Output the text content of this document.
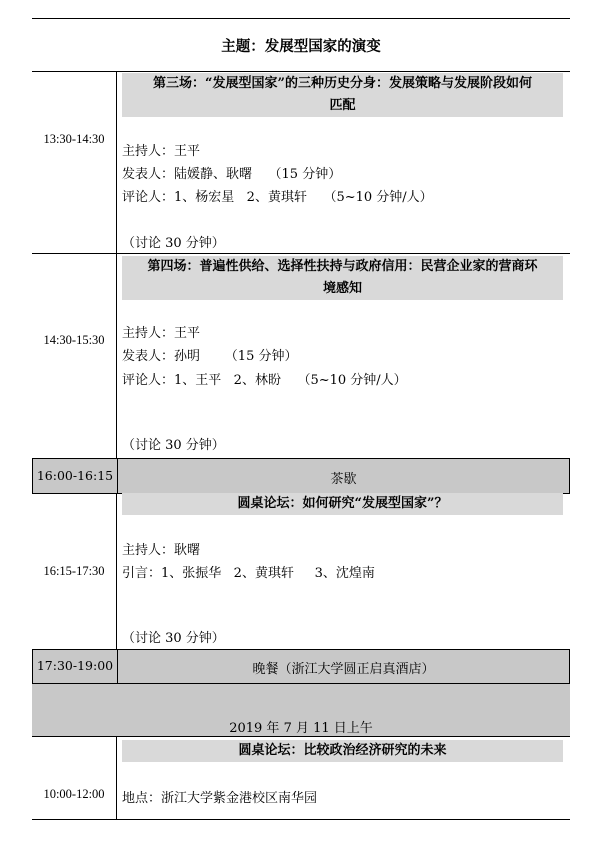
主题：发展型国家的演变
13:30-14:30
第三场：“发展型国家”的三种历史分身：发展策略与发展阶段如何
匹配
主持人：王平
发表人：陆媛静、耿曙    （15 分钟）
评论人：1、杨宏星   2、黄琪轩    （5~10 分钟/人）
（讨论 30 分钟）
14:30-15:30
第四场：普遍性供给、选择性扶持与政府信用：民营企业家的营商环
境感知
主持人：王平
发表人：孙明      （15 分钟）
评论人：1、王平   2、林盼    （5~10 分钟/人）
（讨论 30 分钟）
16:00-16:15	茶歇
16:15-17:30
圆桌论坛：如何研究“发展型国家”？
主持人：耿曙
引言：1、张振华   2、黄琪轩     3、沈煌南
（讨论 30 分钟）
17:30-19:00	晚餐（浙江大学圆正启真酒店）
2019 年 7 月 11 日上午
10:00-12:00
圆桌论坛：比较政治经济研究的未来
地点：浙江大学紫金港校区南华园
